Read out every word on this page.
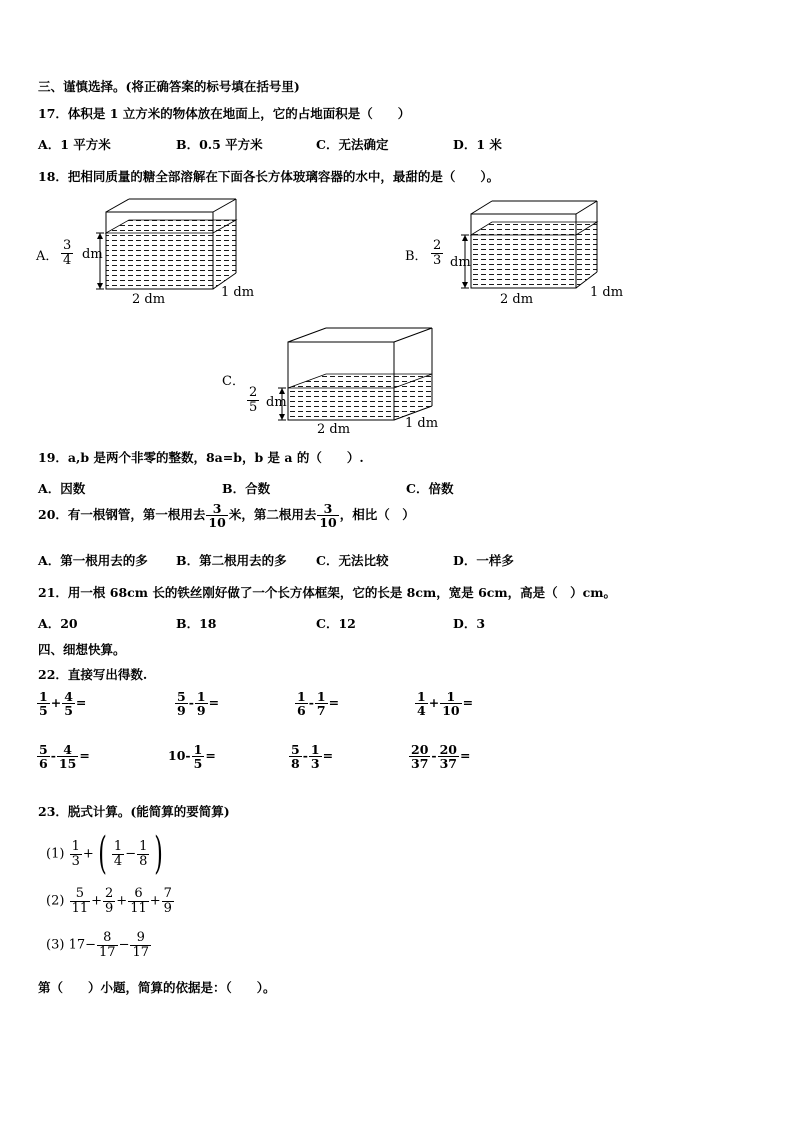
三、谨慎选择。(将正确答案的标号填在括号里)
17．体积是 1 立方米的物体放在地面上，它的占地面积是（　　）
A．1 平方米	B．0.5 平方米	C．无法确定	D．1 米
18．把相同质量的糖全部溶解在下面各长方体玻璃容器的水中，最甜的是（　　）。
A． $\frac{3}{4}$ dm
2 dm	1 dm
B． $\frac{2}{3}$ dm
2 dm	1 dm
C．
$\frac{2}{5}$ dm
2 dm	1 dm
19．a,b 是两个非零的整数，8a=b，b 是 a 的（　　）.
A．因数	B．合数	C．倍数
20．有一根钢管，第一根用去 $\frac{3}{10}$ 米，第二根用去 $\frac{3}{10}$ ，相比（　）
A．第一根用去的多 B．第二根用去的多 C．无法比较	D．一样多
21．用一根 68cm 长的铁丝刚好做了一个长方体框架，它的长是 8cm，宽是 6cm，高是（　）cm。
A．20	B．18	C．12	D．3
四、细想快算。
22．直接写出得数.
$\frac{1}{5} + \frac{4}{5}$ =	$\frac{5}{9} - \frac{1}{9}$ =	$\frac{1}{6} - \frac{1}{7}$ =	$\frac{1}{4} + \frac{1}{10}$ =
$\frac{5}{6} - \frac{4}{15}$ =	$10- \frac{1}{5}$ =	$\frac{5}{8} - \frac{1}{3}$ =	$\frac{20}{37} - \frac{20}{37}$ =
23．脱式计算。(能简算的要简算)
$(1) \frac{1}{3}$ +( $\frac{1}{4} - \frac{1}{8}$ )
$(2) \frac{5}{11} + \frac{2}{9} + \frac{6}{11} + \frac{7}{9}$
(3) $17- \frac{8}{17} - \frac{9}{17}$
第（　　）小题，简算的依据是：（　　）。
